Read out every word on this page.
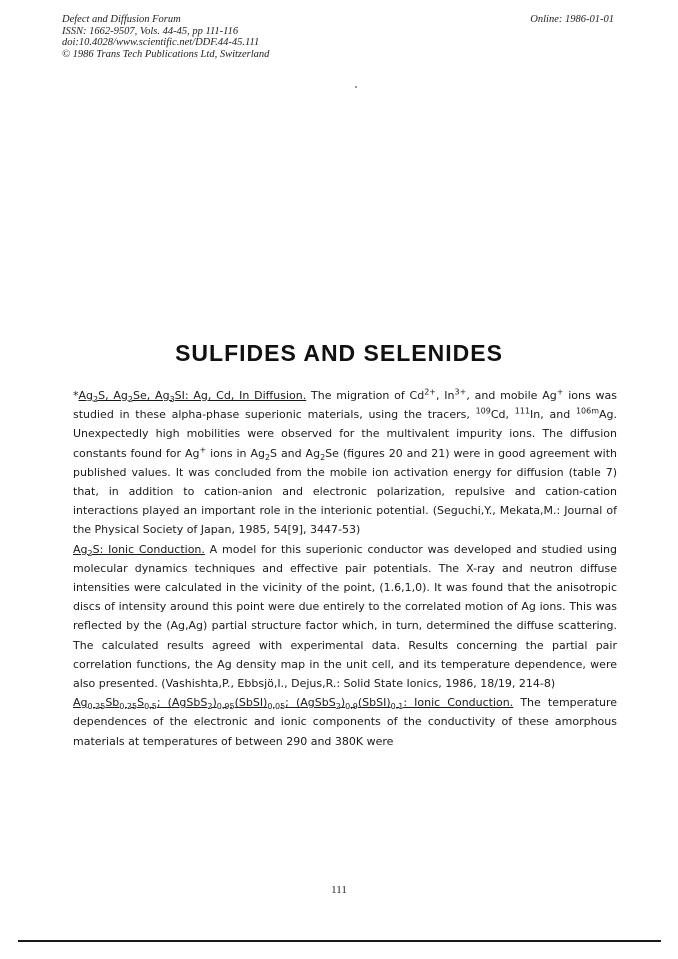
Defect and Diffusion Forum
ISSN: 1662-9507, Vols. 44-45, pp 111-116
doi:10.4028/www.scientific.net/DDF.44-45.111
© 1986 Trans Tech Publications Ltd, Switzerland
Online: 1986-01-01
SULFIDES AND SELENIDES

$*Ag_2S$, $Ag_2Se$, $Ag_3SI$: Ag, Cd, In Diffusion. The migration of $Cd^{2+}$, $In^{3+}$, and mobile Ag+ ions was studied in these alpha-phase superionic materials, using the tracers, $^{109}$Cd, $^{111}$In, and $^{106m}$Ag. Unexpectedly high mobilities were observed for the multivalent impurity ions. The diffusion constants found for Ag+ ions in $Ag_2S$ and $Ag_2Se$ (figures 20 and 21) were in good agreement with published values. It was concluded from the mobile ion activation energy for diffusion (table 7) that, in addition to cation-anion and electronic polarization, repulsive and cation-cation interactions played an important role in the interionic potential. (Seguchi,Y., Mekata,M.: Journal of the Physical Society of Japan, 1985, 54[9], 3447-53)

$Ag_2S$: Ionic Conduction. A model for this superionic conductor was developed and studied using molecular dynamics techniques and effective pair potentials. The X-ray and neutron diffuse intensities were calculated in the vicinity of the point, (1.6,1,0). It was found that the anisotropic discs of intensity around this point were due entirely to the correlated motion of Ag ions. This was reflected by the (Ag,Ag) partial structure factor which, in turn, determined the diffuse scattering. The calculated results agreed with experimental data. Results concerning the partial pair correlation functions, the Ag density map in the unit cell, and its temperature dependence, were also presented. (Vashishta,P., Ebbsjö,I., Dejus,R.: Solid State Ionics, 1986, 18/19, 214-8)

$Ag_{0.25}Sb_{0.25}S_{0.5}$; $(AgSbS_2)_{0.95}(SbSI)_{0.05}$; $(AgSbS_2)_{0.9}(SbSI)_{0.1}$: Ionic Conduction. The temperature dependences of the electronic and ionic components of the conductivity of these amorphous materials at temperatures of between 290 and 380K were

111
